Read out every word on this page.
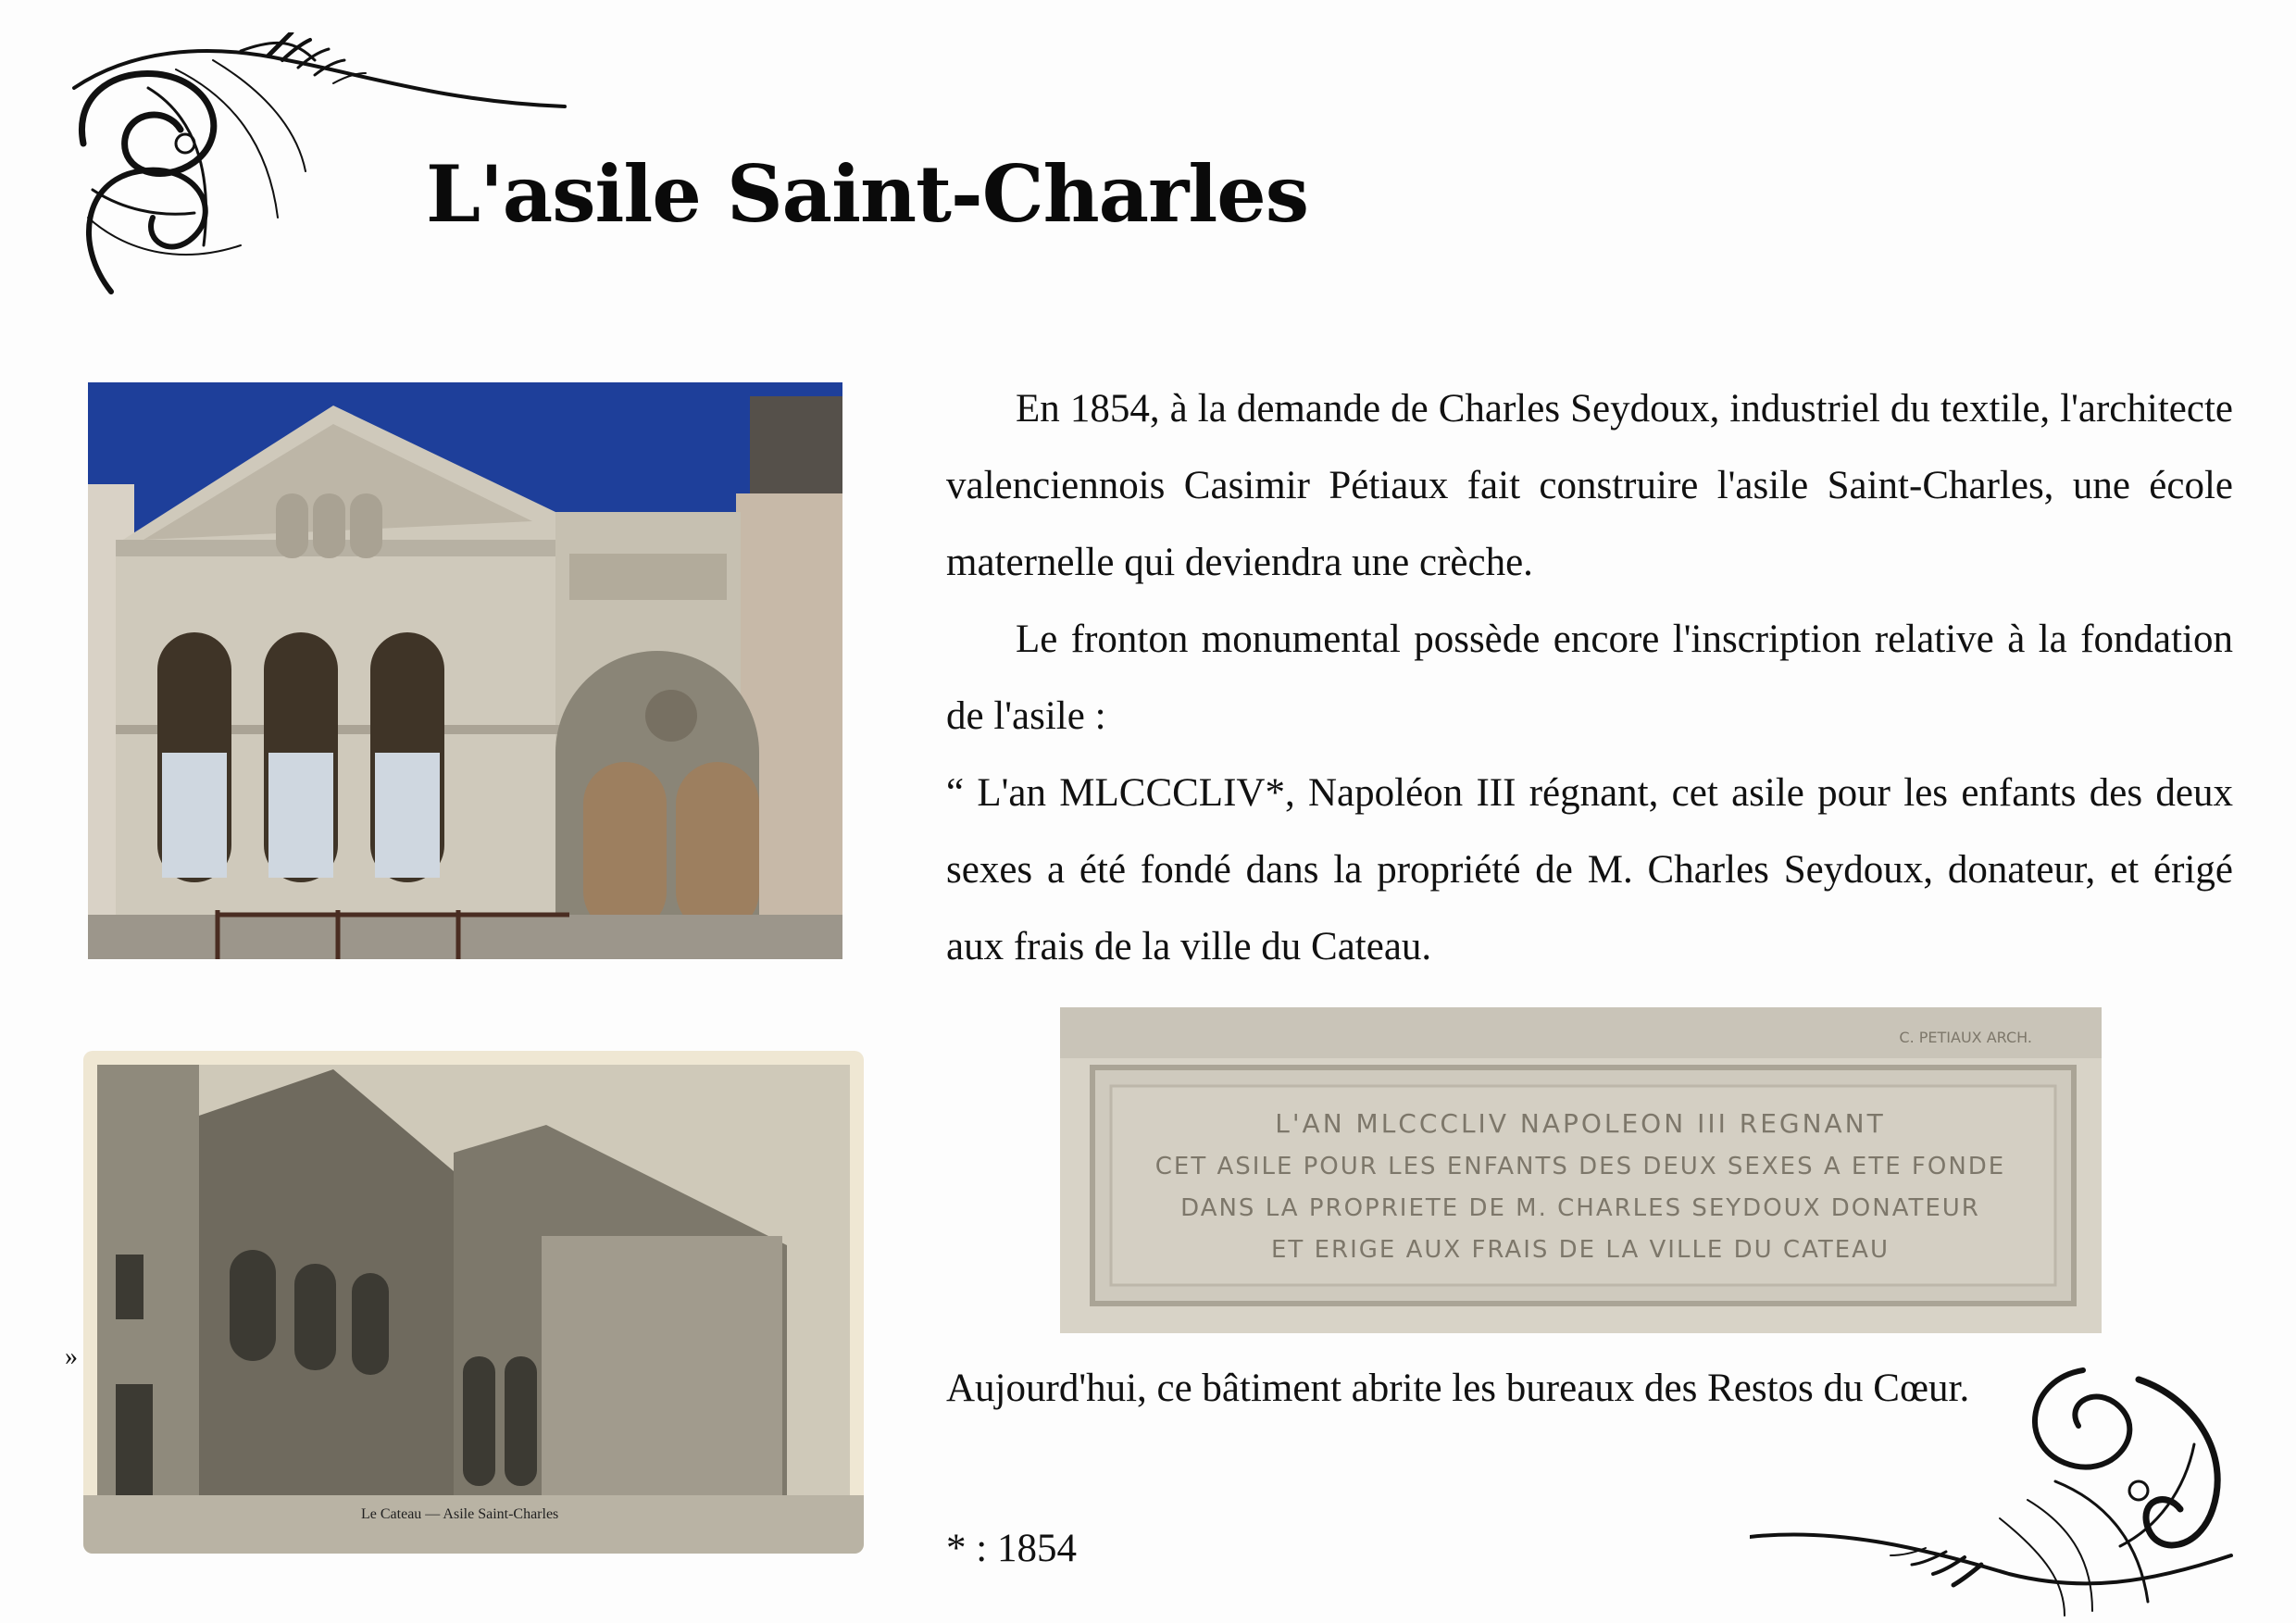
L'asile Saint-Charles
Le Cateau — Asile Saint-Charles
C. PETIAUX ARCH.
L'AN MLCCCLIV NAPOLEON III REGNANT
CET ASILE POUR LES ENFANTS DES DEUX SEXES A ETE FONDE
DANS LA PROPRIETE DE M. CHARLES SEYDOUX DONATEUR
ET ERIGE AUX FRAIS DE LA VILLE DU CATEAU

En 1854, à la demande de Charles Seydoux, industriel du textile, l'architecte valenciennois Casimir Pétiaux fait construire l'asile Saint-Charles, une école maternelle qui deviendra une crèche.

Le fronton monumental possède encore l'inscription relative à la fondation de l'asile :

“ L'an MLCCCLIV*, Napoléon III régnant, cet asile pour les enfants des deux sexes a été fondé dans la propriété de M. Charles Seydoux, donateur, et érigé aux frais de la ville du Cateau.

Aujourd'hui, ce bâtiment abrite les bureaux des Restos du Cœur.

* : 1854

»
